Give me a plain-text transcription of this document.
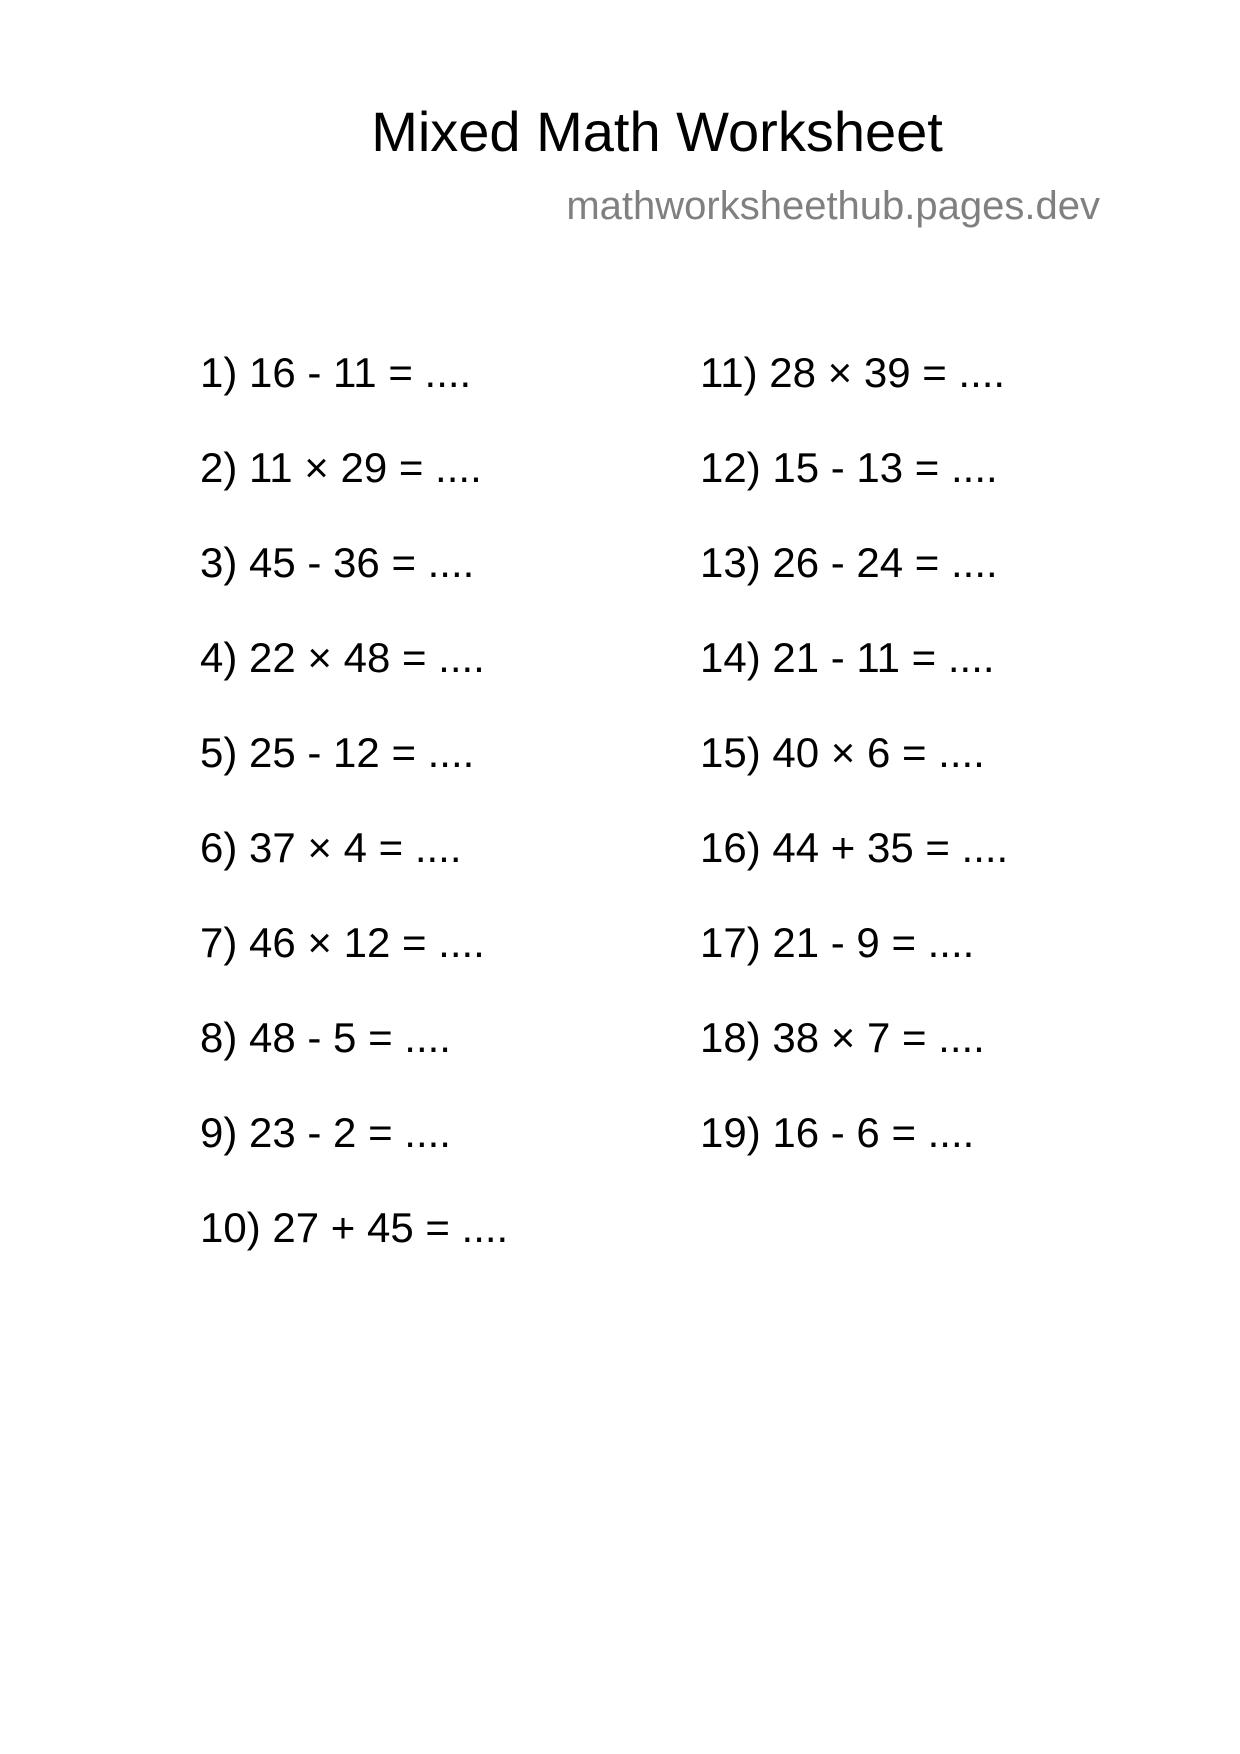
Mixed Math Worksheet
mathworksheethub.pages.dev
1) 16 - 11 = ....
2) 11 × 29 = ....
3) 45 - 36 = ....
4) 22 × 48 = ....
5) 25 - 12 = ....
6) 37 × 4 = ....
7) 46 × 12 = ....
8) 48 - 5 = ....
9) 23 - 2 = ....
10) 27 + 45 = ....
11) 28 × 39 = ....
12) 15 - 13 = ....
13) 26 - 24 = ....
14) 21 - 11 = ....
15) 40 × 6 = ....
16) 44 + 35 = ....
17) 21 - 9 = ....
18) 38 × 7 = ....
19) 16 - 6 = ....
